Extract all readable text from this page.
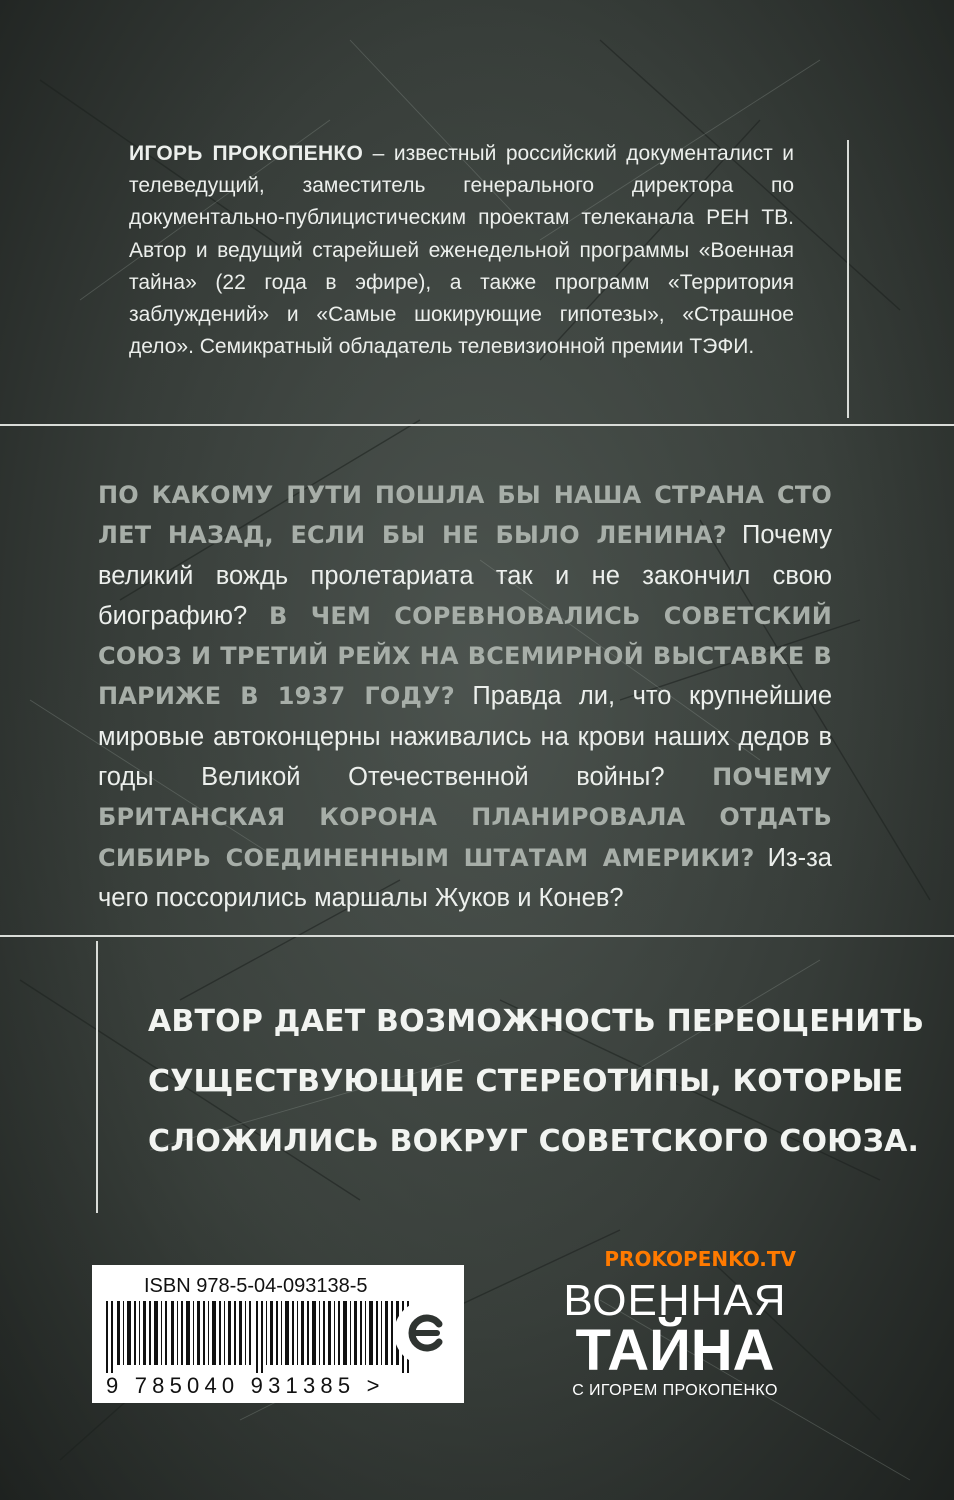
ИГОРЬ ПРОКОПЕНКО – известный российский документалист и телеведущий, заместитель генерального директора по документально-публицистическим проектам телеканала РЕН ТВ. Автор и ведущий старейшей еженедельной программы «Военная тайна» (22 года в эфире), а также программ «Территория заблуждений» и «Самые шокирующие гипотезы», «Страшное дело». Семикратный обладатель телевизионной премии ТЭФИ.

ПО КАКОМУ ПУТИ ПОШЛА БЫ НАША СТРАНА СТО ЛЕТ НАЗАД, ЕСЛИ БЫ НЕ БЫЛО ЛЕНИНА? Почему великий вождь пролетариата так и не закончил свою биографию? В ЧЕМ СОРЕВНОВАЛИСЬ СОВЕТСКИЙ СОЮЗ И ТРЕТИЙ РЕЙХ НА ВСЕМИРНОЙ ВЫСТАВКЕ В ПАРИЖЕ В 1937 ГОДУ? Правда ли, что крупнейшие мировые автоконцерны наживались на крови наших дедов в годы Великой Отечественной войны? ПОЧЕМУ БРИТАНСКАЯ КОРОНА ПЛАНИРОВАЛА ОТДАТЬ СИБИРЬ СОЕДИНЕННЫМ ШТАТАМ АМЕРИКИ? Из-за чего поссорились маршалы Жуков и Конев?

АВТОР ДАЕТ ВОЗМОЖНОСТЬ ПЕРЕОЦЕНИТЬ
СУЩЕСТВУЮЩИЕ СТЕРЕОТИПЫ, КОТОРЫЕ
СЛОЖИЛИСЬ ВОКРУГ СОВЕТСКОГО СОЮЗА.

ISBN 978-5-04-093138-5
9 785040 931385 >
PROKOPENKO.TV
ВОЕННАЯ
ТАЙНА
С ИГОРЕМ ПРОКОПЕНКО
